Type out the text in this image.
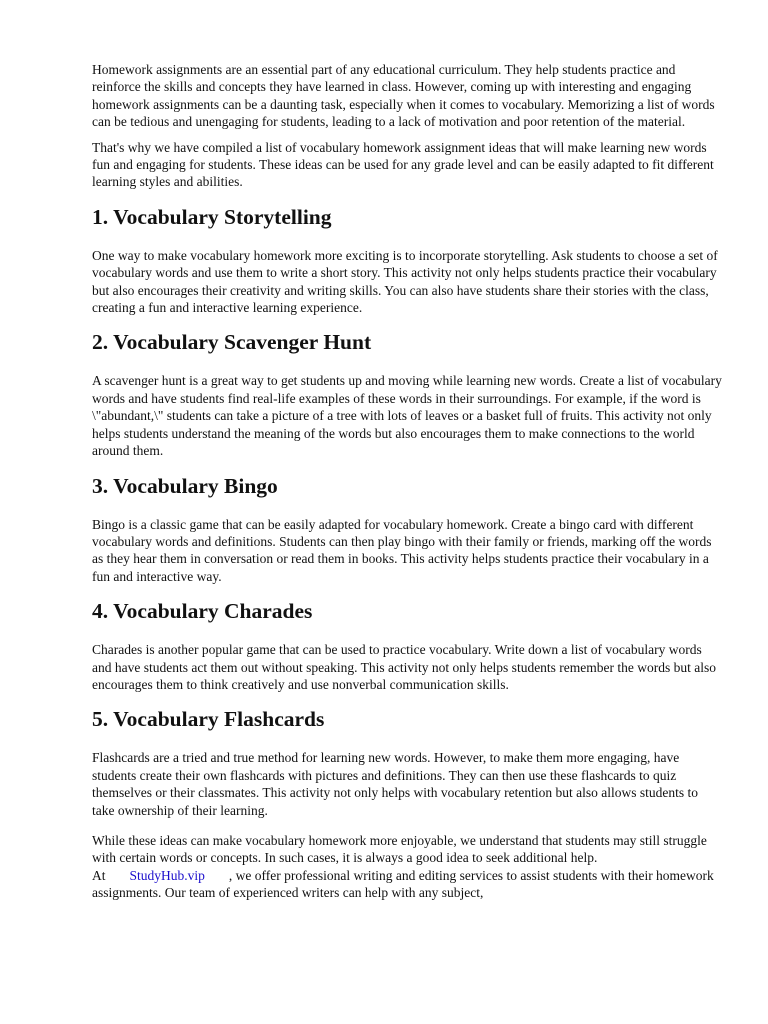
Homework assignments are an essential part of any educational curriculum. They help students practice and reinforce the skills and concepts they have learned in class. However, coming up with interesting and engaging homework assignments can be a daunting task, especially when it comes to vocabulary. Memorizing a list of words can be tedious and unengaging for students, leading to a lack of motivation and poor retention of the material.

That's why we have compiled a list of vocabulary homework assignment ideas that will make learning new words fun and engaging for students. These ideas can be used for any grade level and can be easily adapted to fit different learning styles and abilities.

1. Vocabulary Storytelling

One way to make vocabulary homework more exciting is to incorporate storytelling. Ask students to choose a set of vocabulary words and use them to write a short story. This activity not only helps students practice their vocabulary but also encourages their creativity and writing skills. You can also have students share their stories with the class, creating a fun and interactive learning experience.

2. Vocabulary Scavenger Hunt

A scavenger hunt is a great way to get students up and moving while learning new words. Create a list of vocabulary words and have students find real-life examples of these words in their surroundings. For example, if the word is \"abundant,\" students can take a picture of a tree with lots of leaves or a basket full of fruits. This activity not only helps students understand the meaning of the words but also encourages them to make connections to the world around them.

3. Vocabulary Bingo

Bingo is a classic game that can be easily adapted for vocabulary homework. Create a bingo card with different vocabulary words and definitions. Students can then play bingo with their family or friends, marking off the words as they hear them in conversation or read them in books. This activity helps students practice their vocabulary in a fun and interactive way.

4. Vocabulary Charades

Charades is another popular game that can be used to practice vocabulary. Write down a list of vocabulary words and have students act them out without speaking. This activity not only helps students remember the words but also encourages them to think creatively and use nonverbal communication skills.

5. Vocabulary Flashcards

Flashcards are a tried and true method for learning new words. However, to make them more engaging, have students create their own flashcards with pictures and definitions. They can then use these flashcards to quiz themselves or their classmates. This activity not only helps with vocabulary retention but also allows students to take ownership of their learning.

While these ideas can make vocabulary homework more enjoyable, we understand that students may still struggle with certain words or concepts. In such cases, it is always a good idea to seek additional help. At StudyHub.vip , we offer professional writing and editing services to assist students with their homework assignments. Our team of experienced writers can help with any subject,
